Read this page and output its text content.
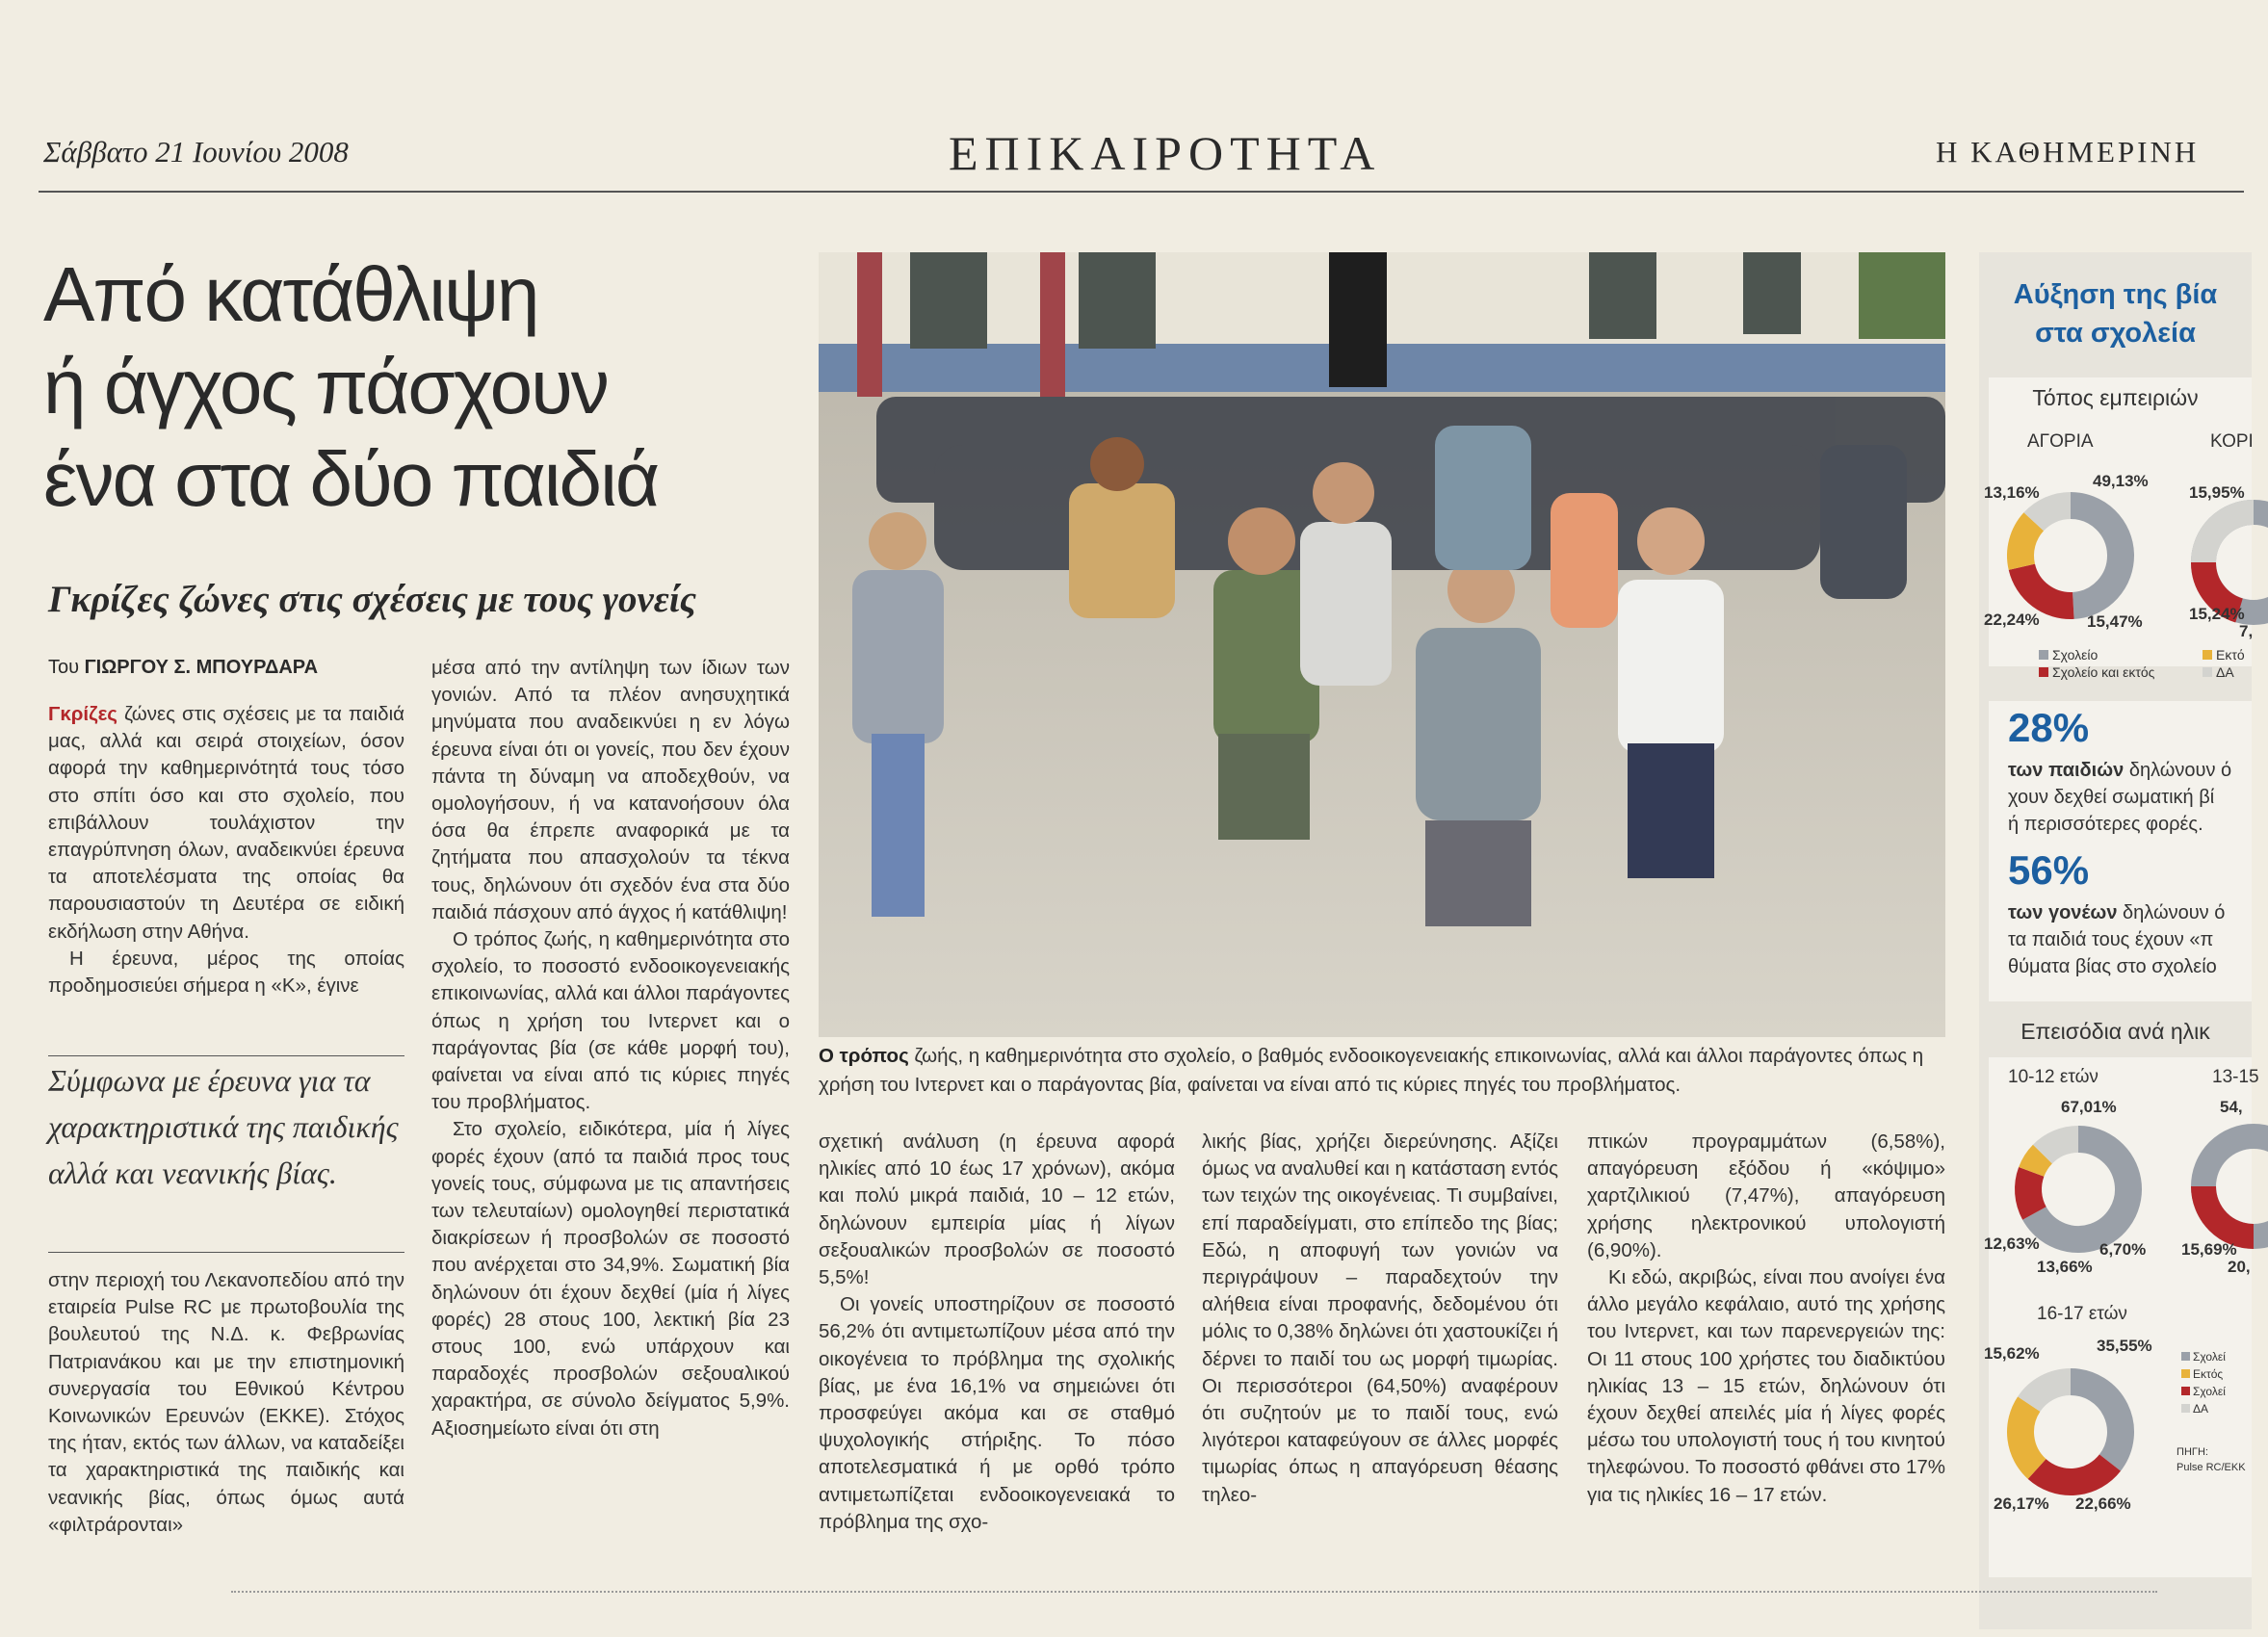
Σάββατο 21 Ιουνίου 2008	ΕΠΙΚΑΙΡΟΤΗΤΑ	Η ΚΑΘΗΜΕΡΙΝΗ
Από κατάθλιψη
ή άγχος πάσχουν
ένα στα δύο παιδιά
Γκρίζες ζώνες στις σχέσεις με τους γονείς
Του ΓΙΩΡΓΟΥ Σ. ΜΠΟΥΡΔΑΡΑ

Γκρίζες ζώνες στις σχέσεις με τα παιδιά μας, αλλά και σειρά στοιχείων, όσον αφορά την καθημερινότητά τους τόσο στο σπίτι όσο και στο σχολείο, που επιβάλλουν τουλάχιστον την επαγρύπνηση όλων, αναδεικνύει έρευνα τα αποτελέσματα της οποίας θα παρουσιαστούν τη Δευτέρα σε ειδική εκδήλωση στην Αθήνα.

Η έρευνα, μέρος της οποίας προδημοσιεύει σήμερα η «Κ», έγινε

Σύμφωνα με έρευνα για τα χαρακτηριστικά της παιδικής αλλά και νεανικής βίας.

στην περιοχή του Λεκανοπεδίου από την εταιρεία Pulse RC με πρωτοβουλία της βουλευτού της Ν.Δ. κ. Φεβρωνίας Πατριανάκου και με την επιστημονική συνεργασία του Εθνικού Κέντρου Κοινωνικών Ερευνών (ΕΚΚΕ). Στόχος της ήταν, εκτός των άλλων, να καταδείξει τα χαρακτηριστικά της παιδικής και νεανικής βίας, όπως όμως αυτά «φιλτράρονται»

μέσα από την αντίληψη των ίδιων των γονιών. Από τα πλέον ανησυχητικά μηνύματα που αναδεικνύει η εν λόγω έρευνα είναι ότι οι γονείς, που δεν έχουν πάντα τη δύναμη να αποδεχθούν, να ομολογήσουν, ή να κατανοήσουν όλα όσα θα έπρεπε αναφορικά με τα ζητήματα που απασχολούν τα τέκνα τους, δηλώνουν ότι σχεδόν ένα στα δύο παιδιά πάσχουν από άγχος ή κατάθλιψη!

Ο τρόπος ζωής, η καθημερινότητα στο σχολείο, το ποσοστό ενδοοικογενειακής επικοινωνίας, αλλά και άλλοι παράγοντες όπως η χρήση του Ιντερνετ και ο παράγοντας βία (σε κάθε μορφή του), φαίνεται να είναι από τις κύριες πηγές του προβλήματος.

Στο σχολείο, ειδικότερα, μία ή λίγες φορές έχουν (από τα παιδιά προς τους γονείς τους, σύμφωνα με τις απαντήσεις των τελευταίων) ομολογηθεί περιστατικά διακρίσεων ή προσβολών σε ποσοστό που ανέρχεται στο 34,9%. Σωματική βία δηλώνουν ότι έχουν δεχθεί (μία ή λίγες φορές) 28 στους 100, λεκτική βία 23 στους 100, ενώ υπάρχουν και παραδοχές προσβολών σεξουαλικού χαρακτήρα, σε σύνολο δείγματος 5,9%. Αξιοσημείωτο είναι ότι στη

Ο τρόπος ζωής, η καθημερινότητα στο σχολείο, ο βαθμός ενδοοικογενειακής επικοινωνίας, αλλά και άλλοι παράγοντες όπως η χρήση του Ιντερνετ και ο παράγοντας βία, φαίνεται να είναι από τις κύριες πηγές του προβλήματος.

σχετική ανάλυση (η έρευνα αφορά ηλικίες από 10 έως 17 χρόνων), ακόμα και πολύ μικρά παιδιά, 10 – 12 ετών, δηλώνουν εμπειρία μίας ή λίγων σεξουαλικών προσβολών σε ποσοστό 5,5%!

Οι γονείς υποστηρίζουν σε ποσοστό 56,2% ότι αντιμετωπίζουν μέσα από την οικογένεια το πρόβλημα της σχολικής βίας, με ένα 16,1% να σημειώνει ότι προσφεύγει ακόμα και σε σταθμό ψυχολογικής στήριξης. Το πόσο αποτελεσματικά ή με ορθό τρόπο αντιμετωπίζεται ενδοοικογενειακά το πρόβλημα της σχο-

λικής βίας, χρήζει διερεύνησης. Αξίζει όμως να αναλυθεί και η κατάσταση εντός των τειχών της οικογένειας. Τι συμβαίνει, επί παραδείγματι, στο επίπεδο της βίας; Εδώ, η αποφυγή των γονιών να περιγράψουν – παραδεχτούν την αλήθεια είναι προφανής, δεδομένου ότι μόλις το 0,38% δηλώνει ότι χαστουκίζει ή δέρνει το παιδί του ως μορφή τιμωρίας. Οι περισσότεροι (64,50%) αναφέρουν ότι συζητούν με το παιδί τους, ενώ λιγότεροι καταφεύγουν σε άλλες μορφές τιμωρίας όπως η απαγόρευση θέασης τηλεο-

πτικών προγραμμάτων (6,58%), απαγόρευση εξόδου ή «κόψιμο» χαρτζιλικιού (7,47%), απαγόρευση χρήσης ηλεκτρονικού υπολογιστή (6,90%).

Κι εδώ, ακριβώς, είναι που ανοίγει ένα άλλο μεγάλο κεφάλαιο, αυτό της χρήσης του Ιντερνετ, και των παρενεργειών της: Οι 11 στους 100 χρήστες του διαδικτύου ηλικίας 13 – 15 ετών, δηλώνουν ότι έχουν δεχθεί απειλές μία ή λίγες φορές μέσω του υπολογιστή τους ή του κινητού τηλεφώνου. Το ποσοστό φθάνει στο 17% για τις ηλικίες 16 – 17 ετών.

Αύξηση της βία
στα σχολεία
Τόπος εμπειριών
ΑΓΟΡΙΑ	ΚΟΡΙ
49,13%
13,16%
22,24%	15,47%
15,95%
15,24%
7,
Σχολείο
Σχολείο και εκτός
Εκτό
ΔΑ
28%
των παιδιών δηλώνουν ό
χουν δεχθεί σωματική βί
ή περισσότερες φορές.
56%
των γονέων δηλώνουν ό
τα παιδιά τους έχουν «π
θύματα βίας στο σχολείο
Επεισόδια ανά ηλικ
10-12 ετών	13-15
67,01%	54,
12,63%	6,70%
13,66%
15,69%
20,
16-17 ετών
15,62%	35,55%
26,17% 22,66%
Σχολεί
Εκτός
Σχολεί
ΔΑ
ΠΗΓΗ:
Pulse RC/EKK
